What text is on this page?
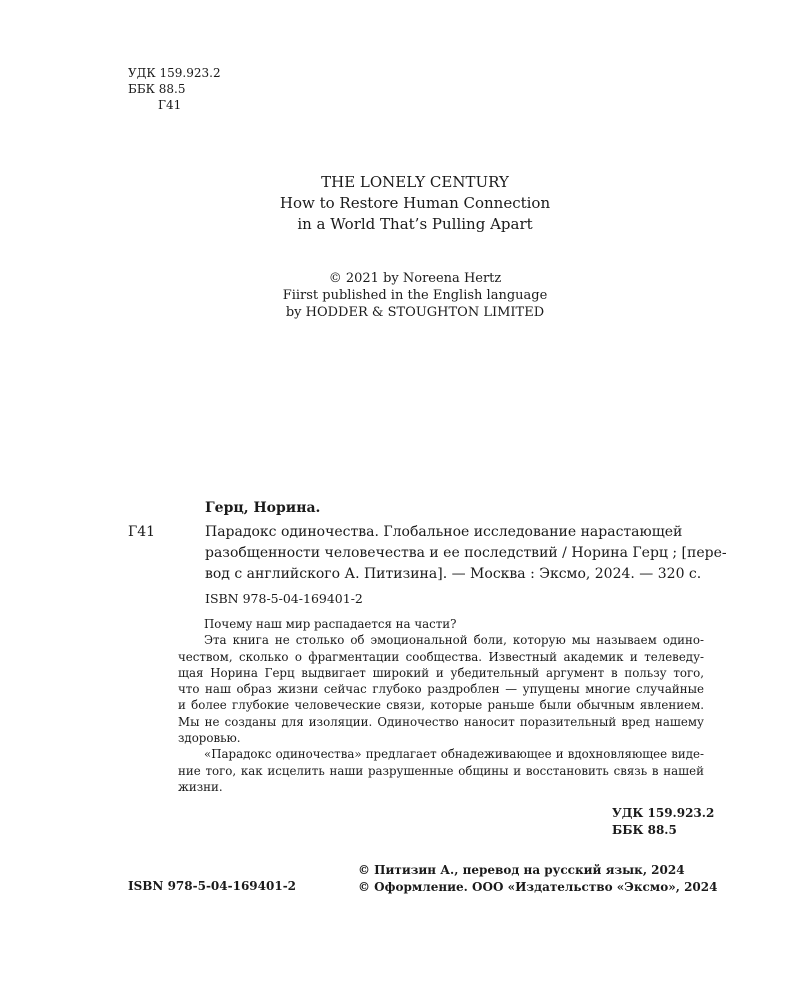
УДК 159.923.2
ББК 88.5
Г41
THE LONELY CENTURY
How to Restore Human Connection
in a World That’s Pulling Apart
© 2021 by Noreena Hertz
Fiirst published in the English language
by HODDER & STOUGHTON LIMITED
Герц, Норина.
Г41	Парадокс одиночества. Глобальное исследование нарастающей
разобщенности человечества и ее последствий / Норина Герц ; [пере-
вод с английского А. Питизина]. — Москва : Эксмо, 2024. — 320 с.
ISBN 978-5-04-169401-2
Почему наш мир распадается на части?
Эта книга не столько об эмоциональной боли, которую мы называем одино-
чеством, сколько о фрагментации сообщества. Известный академик и телеведу-
щая Норина Герц выдвигает широкий и убедительный аргумент в пользу того,
что наш образ жизни сейчас глубоко раздроблен — упущены многие случайные
и более глубокие человеческие связи, которые раньше были обычным явлением.
Мы не созданы для изоляции. Одиночество наносит поразительный вред нашему
здоровью.
«Парадокс одиночества» предлагает обнадеживающее и вдохновляющее виде-
ние того, как исцелить наши разрушенные общины и восстановить связь в нашей
жизни.
УДК 159.923.2
ББК 88.5
ISBN 978-5-04-169401-2
© Питизин А., перевод на русский язык, 2024
© Оформление. ООО «Издательство «Эксмо», 2024
